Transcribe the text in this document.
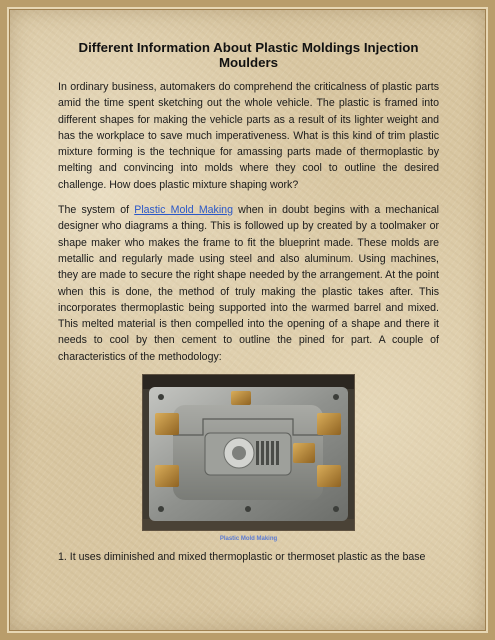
Different Information About Plastic Moldings Injection Moulders

In ordinary business, automakers do comprehend the criticalness of plastic parts amid the time spent sketching out the whole vehicle. The plastic is framed into different shapes for making the vehicle parts as a result of its lighter weight and has the workplace to save much imperativeness. What is this kind of trim plastic mixture forming is the technique for amassing parts made of thermoplastic by melting and convincing into molds where they cool to outline the desired challenge. How does plastic mixture shaping work?

The system of Plastic Mold Making when in doubt begins with a mechanical designer who diagrams a thing. This is followed up by created by a toolmaker or shape maker who makes the frame to fit the blueprint made. These molds are metallic and regularly made using steel and also aluminum. Using machines, they are made to secure the right shape needed by the arrangement. At the point when this is done, the method of truly making the plastic takes after. This incorporates thermoplastic being supported into the warmed barrel and mixed. This melted material is then compelled into the opening of a shape and there it needs to cool by then cement to outline the pined for part. A couple of characteristics of the methodology:

Plastic Mold Making

1. It uses diminished and mixed thermoplastic or thermoset plastic as the base
